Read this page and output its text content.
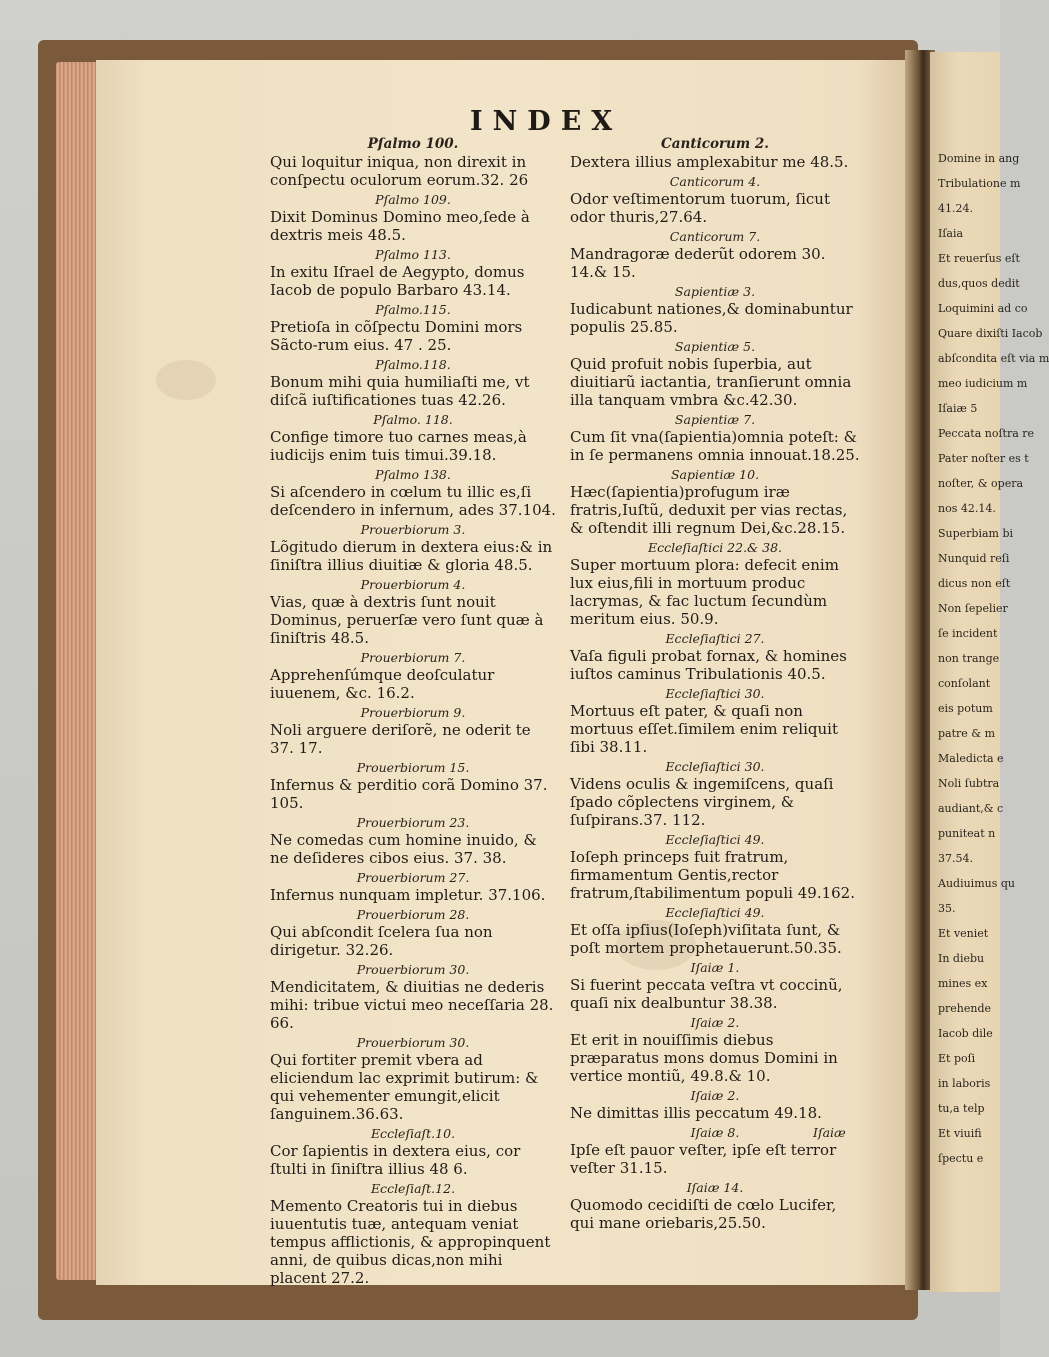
Domine in ang
Tribulatione m
41.24.
Iſaia
Et reuerſus eſt
dus,quos dedit
Loquimini ad co
Quare dixiſti Iacob
abſcondita eſt via m
meo iudicium m
Iſaiæ 5
Peccata noſtra re
Pater noſter es t
noſter, & opera
nos 42.14.
Superbiam bi
Nunquid reſi
dicus non eſt
Non ſepelier
ſe incident
non trange
conſolant
eis potum
patre & m
Maledicta e
Noli ſubtra
audiant,& c
puniteat n
37.54.
Audiuimus qu
35.
Et veniet
In diebu
mines ex
prehende
Iacob dile
Et poſi
in laboris
tu,a telp
Et viuifi
ſpectu e
INDEX
Pſalmo 100.
Qui loquitur iniqua, non direxit in conſpectu oculorum eorum.32. 26
Pſalmo 109.
Dixit Dominus Domino meo,ſede à dextris meis 48.5.
Pſalmo 113.
In exitu Iſrael de Aegypto, domus Iacob de populo Barbaro 43.14.
Pſalmo.115.
Pretioſa in cõſpectu Domini mors Sãcto-rum eius. 47 . 25.
Pſalmo.118.
Bonum mihi quia humiliaſti me, vt diſcã iuſtificationes tuas 42.26.
Pſalmo. 118.
Confige timore tuo carnes meas,à iudicijs enim tuis timui.39.18.
Pſalmo 138.
Si aſcendero in cœlum tu illic es,ſi deſcendero in infernum, ades 37.104.
Prouerbiorum 3.
Lõgitudo dierum in dextera eius:& in ſiniſtra illius diuitiæ & gloria 48.5.
Prouerbiorum 4.
Vias, quæ à dextris ſunt nouit Dominus, peruerſæ vero ſunt quæ à ſiniſtris 48.5.
Prouerbiorum 7.
Apprehenſúmque deoſculatur iuuenem, &c. 16.2.
Prouerbiorum 9.
Noli arguere deriſorẽ, ne oderit te 37. 17.
Prouerbiorum 15.
Infernus & perditio corã Domino 37. 105.
Prouerbiorum 23.
Ne comedas cum homine inuido, & ne deſideres cibos eius. 37. 38.
Prouerbiorum 27.
Infernus nunquam impletur. 37.106.
Prouerbiorum 28.
Qui abſcondit ſcelera ſua non dirigetur. 32.26.
Prouerbiorum 30.
Mendicitatem, & diuitias ne dederis mihi: tribue victui meo neceſſaria 28. 66.
Prouerbiorum 30.
Qui fortiter premit vbera ad eliciendum lac exprimit butirum: & qui vehementer emungit,elicit ſanguinem.36.63.
Eccleſiaſt.10.
Cor ſapientis in dextera eius, cor ſtulti in ſiniſtra illius 48 6.
Eccleſiaſt.12.
Memento Creatoris tui in diebus iuuentutis tuæ, antequam veniat tempus afflictionis, & appropinquent anni, de quibus dicas,non mihi placent 27.2.
Canticorum 2.
Dextera illius amplexabitur me 48.5.
Canticorum 4.
Odor veſtimentorum tuorum, ſicut odor thuris,27.64.
Canticorum 7.
Mandragoræ dederũt odorem 30. 14.& 15.
Sapientiæ 3.
Iudicabunt nationes,& dominabuntur populis 25.85.
Sapientiæ 5.
Quid profuit nobis ſuperbia, aut diuitiarũ iactantia, tranſierunt omnia illa tanquam vmbra &c.42.30.
Sapientiæ 7.
Cum ſit vna(ſapientia)omnia poteſt: & in ſe permanens omnia innouat.18.25.
Sapientiæ 10.
Hæc(ſapientia)profugum iræ fratris,Iuſtũ, deduxit per vias rectas, & oſtendit illi regnum Dei,&c.28.15.
Eccleſiaſtici 22.& 38.
Super mortuum plora: defecit enim lux eius,fili in mortuum produc lacrymas, & fac luctum ſecundùm meritum eius. 50.9.
Eccleſiaſtici 27.
Vaſa figuli probat fornax, & homines iuſtos caminus Tribulationis 40.5.
Eccleſiaſtici 30.
Mortuus eſt pater, & quaſi non mortuus eſſet.ſimilem enim reliquit ſibi 38.11.
Eccleſiaſtici 30.
Videns oculis & ingemiſcens, quaſi ſpado cõplectens virginem, & ſuſpirans.37. 112.
Eccleſiaſtici 49.
Ioſeph princeps fuit fratrum, firmamentum Gentis,rector fratrum,ſtabilimentum populi 49.162.
Eccleſiaſtici 49.
Et oſſa ipſius(Ioſeph)viſitata ſunt, & poſt mortem prophetauerunt.50.35.
Iſaiæ 1.
Si fuerint peccata veſtra vt coccinũ, quaſi nix dealbuntur 38.38.
Iſaiæ 2.
Et erit in nouiſſimis diebus præparatus mons domus Domini in vertice montiũ, 49.8.& 10.
Iſaiæ 2.
Ne dimittas illis peccatum 49.18.
Iſaiæ 8.
Ipſe eſt pauor veſter, ipſe eſt terror veſter 31.15.
Iſaiæ 14.
Quomodo cecidiſti de cœlo Lucifer, qui mane oriebaris,25.50.
Iſaiæ
